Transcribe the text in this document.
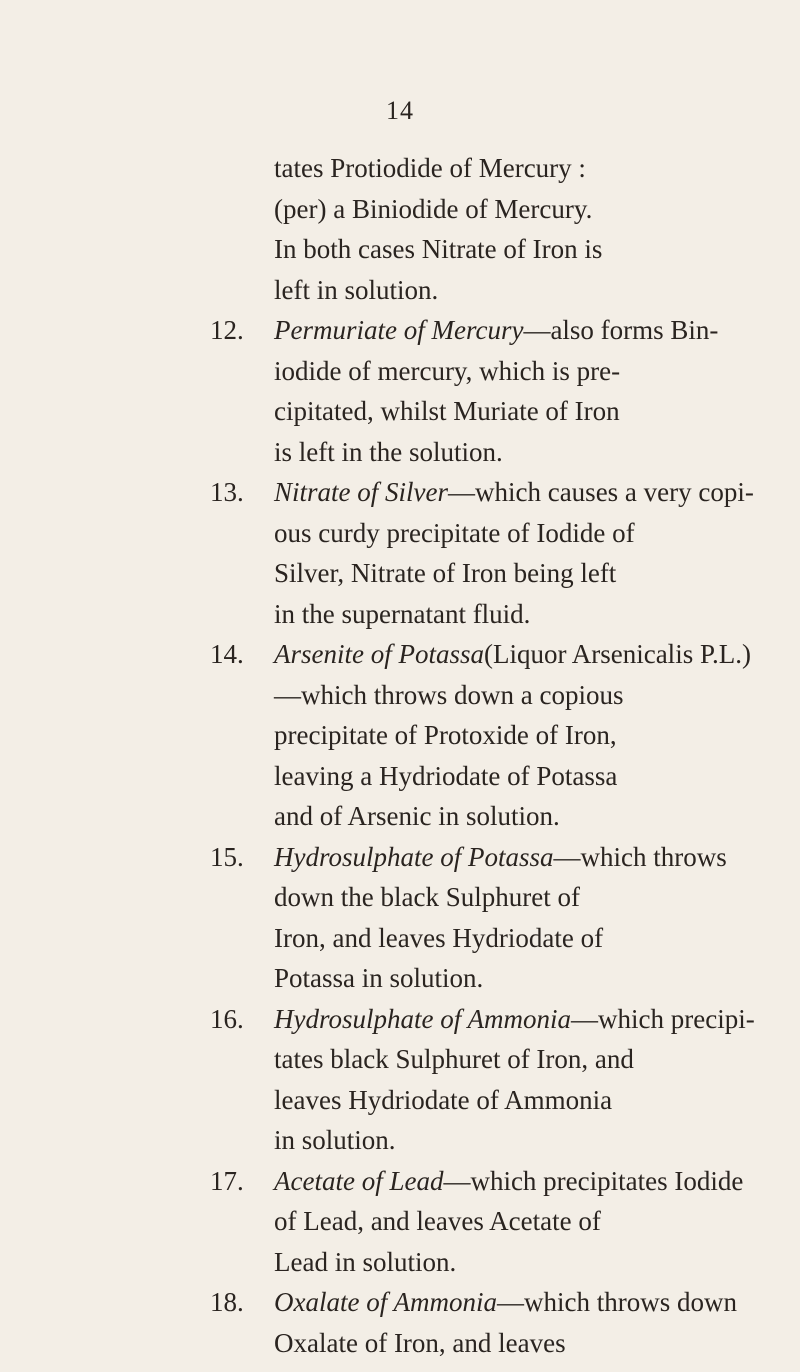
14
tates Protiodide of Mercury :
(per) a Biniodide of Mercury.
In both cases Nitrate of Iron is
left in solution.
12.	Permuriate of Mercury—also forms Bin-
iodide of mercury, which is pre-
cipitated, whilst Muriate of Iron
is left in the solution.
13.	Nitrate of Silver—which causes a very copi-
ous curdy precipitate of Iodide of
Silver, Nitrate of Iron being left
in the supernatant fluid.
14.	Arsenite of Potassa(Liquor Arsenicalis P.L.)
—which throws down a copious
precipitate of Protoxide of Iron,
leaving a Hydriodate of Potassa
and of Arsenic in solution.
15.	Hydrosulphate of Potassa—which throws
down the black Sulphuret of
Iron, and leaves Hydriodate of
Potassa in solution.
16.	Hydrosulphate of Ammonia—which precipi-
tates black Sulphuret of Iron, and
leaves Hydriodate of Ammonia
in solution.
17.	Acetate of Lead—which precipitates Iodide
of Lead, and leaves Acetate of
Lead in solution.
18.	Oxalate of Ammonia—which throws down
Oxalate of Iron, and leaves
